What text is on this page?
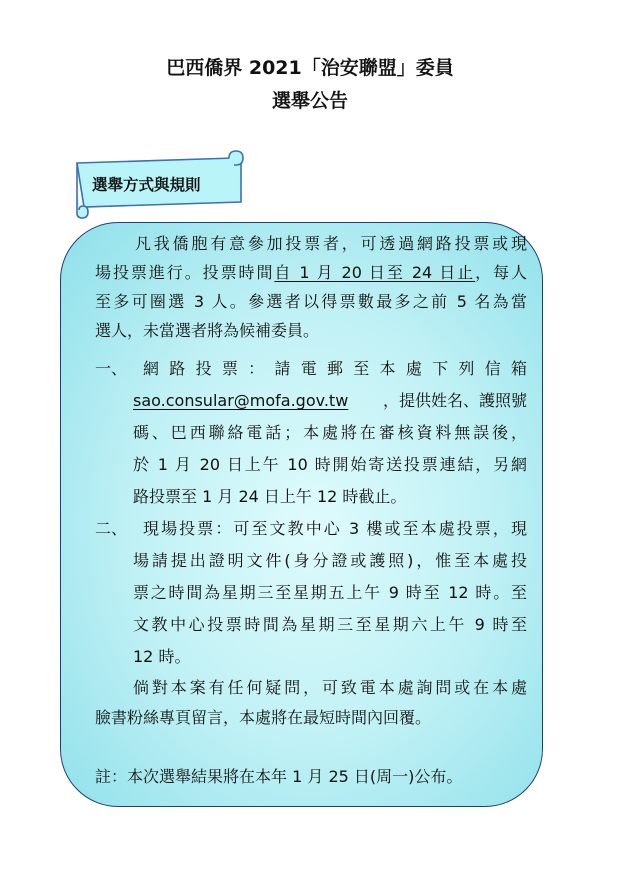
巴西僑界 2021「治安聯盟」委員
選舉公告
選舉方式與規則

凡我僑胞有意參加投票者，可透過網路投票或現

場投票進行。投票時間自 1 月 20 日至 24 日止，每人

至多可圈選 3 人。參選者以得票數最多之前 5 名為當

選人，未當選者將為候補委員。

一、 網 路 投 票 ： 請 電 郵 至 本 處 下 列 信 箱

sao.consular@mofa.gov.tw ，提供姓名、護照號

碼、巴西聯絡電話；本處將在審核資料無誤後，

於 1 月 20 日上午 10 時開始寄送投票連結，另網

路投票至 1 月 24 日上午 12 時截止。

二、 現場投票：可至文教中心 3 樓或至本處投票，現

場請提出證明文件(身分證或護照)，惟至本處投

票之時間為星期三至星期五上午 9 時至 12 時。至

文教中心投票時間為星期三至星期六上午 9 時至

12 時。

倘對本案有任何疑問，可致電本處詢問或在本處

臉書粉絲專頁留言，本處將在最短時間內回覆。

註：本次選舉結果將在本年 1 月 25 日(周一)公布。
